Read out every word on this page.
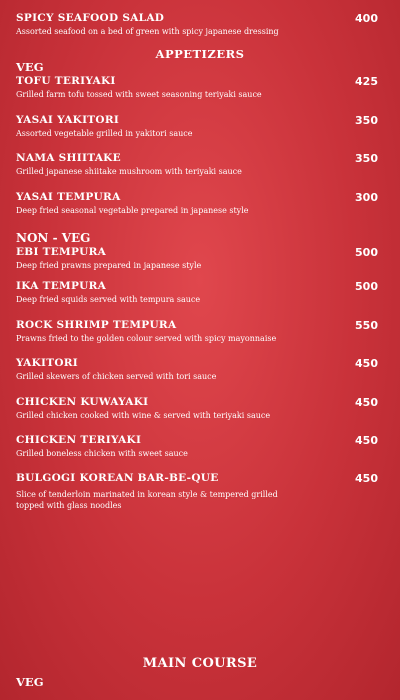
SPICY SEAFOOD SALAD
Assorted seafood on a bed of green with spicy japanese dressing
400
APPETIZERS
VEG
TOFU TERIYAKI
Grilled farm tofu tossed with sweet seasoning teriyaki sauce
425
YASAI YAKITORI
Assorted vegetable grilled in yakitori sauce
350
NAMA SHIITAKE
Grilled japanese shiitake mushroom with teriyaki sauce
350
YASAI TEMPURA
Deep fried seasonal vegetable prepared in japanese style
300
NON - VEG
EBI TEMPURA
Deep fried prawns prepared in japanese style
500
IKA TEMPURA
Deep fried squids served with tempura sauce
500
ROCK SHRIMP TEMPURA
Prawns fried to the golden colour served with spicy mayonnaise
550
YAKITORI
Grilled skewers of chicken served with tori sauce
450
CHICKEN KUWAYAKI
Grilled chicken cooked with wine & served with teriyaki sauce
450
CHICKEN TERIYAKI
Grilled boneless chicken with sweet sauce
450
BULGOGI KOREAN BAR-BE-QUE
Slice of tenderloin marinated in korean style & tempered grilled topped with glass noodles
450
MAIN COURSE
VEG
